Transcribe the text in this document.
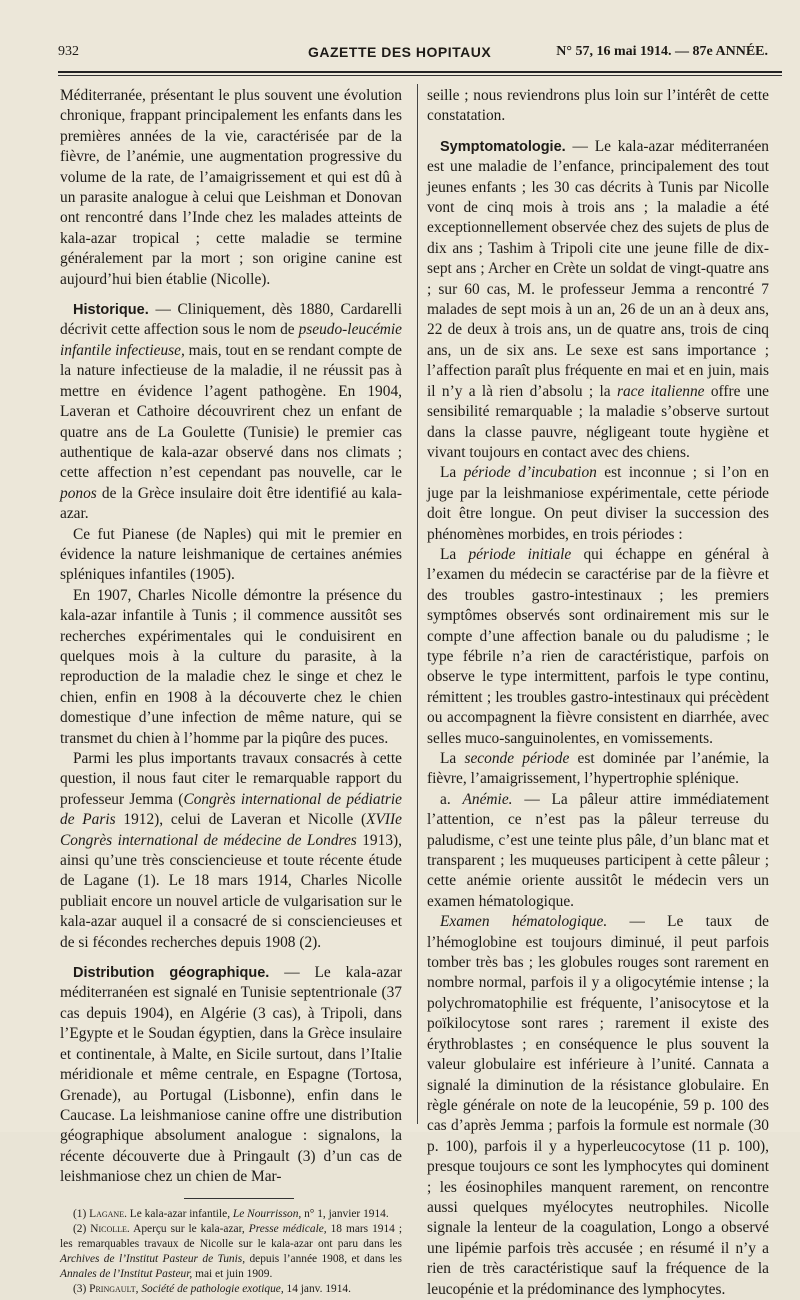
932	GAZETTE DES HOPITAUX	N° 57, 16 mai 1914. — 87e ANNÉE.

Méditerranée, présentant le plus souvent une évolution chronique, frappant principalement les enfants dans les premières années de la vie, caractérisée par de la fièvre, de l’anémie, une augmentation progressive du volume de la rate, de l’amaigrissement et qui est dû à un parasite analogue à celui que Leishman et Donovan ont rencontré dans l’Inde chez les malades atteints de kala-azar tropical ; cette maladie se termine généralement par la mort ; son origine canine est aujourd’hui bien établie (Nicolle).

Historique. — Cliniquement, dès 1880, Cardarelli décrivit cette affection sous le nom de pseudo-leucémie infantile infectieuse, mais, tout en se rendant compte de la nature infectieuse de la maladie, il ne réussit pas à mettre en évidence l’agent pathogène. En 1904, Laveran et Cathoire découvrirent chez un enfant de quatre ans de La Goulette (Tunisie) le premier cas authentique de kala-azar observé dans nos climats ; cette affection n’est cependant pas nouvelle, car le ponos de la Grèce insulaire doit être identifié au kala-azar.

Ce fut Pianese (de Naples) qui mit le premier en évidence la nature leishmanique de certaines anémies spléniques infantiles (1905).

En 1907, Charles Nicolle démontre la présence du kala-azar infantile à Tunis ; il commence aussitôt ses recherches expérimentales qui le conduisirent en quelques mois à la culture du parasite, à la reproduction de la maladie chez le singe et chez le chien, enfin en 1908 à la découverte chez le chien domestique d’une infection de même nature, qui se transmet du chien à l’homme par la piqûre des puces.

Parmi les plus importants travaux consacrés à cette question, il nous faut citer le remarquable rapport du professeur Jemma (Congrès international de pédiatrie de Paris 1912), celui de Laveran et Nicolle (XVIIe Congrès international de médecine de Londres 1913), ainsi qu’une très consciencieuse et toute récente étude de Lagane (1). Le 18 mars 1914, Charles Nicolle publiait encore un nouvel article de vulgarisation sur le kala-azar auquel il a consacré de si consciencieuses et de si fécondes recherches depuis 1908 (2).

Distribution géographique. — Le kala-azar méditerranéen est signalé en Tunisie septentrionale (37 cas depuis 1904), en Algérie (3 cas), à Tripoli, dans l’Egypte et le Soudan égyptien, dans la Grèce insulaire et continentale, à Malte, en Sicile surtout, dans l’Italie méridionale et même centrale, en Espagne (Tortosa, Grenade), au Portugal (Lisbonne), enfin dans le Caucase. La leishmaniose canine offre une distribution géographique absolument analogue : signalons, la récente découverte due à Pringault (3) d’un cas de leishmaniose chez un chien de Mar-

(1) Lagane. Le kala-azar infantile, Le Nourrisson, n° 1, janvier 1914.

(2) Nicolle. Aperçu sur le kala-azar, Presse médicale, 18 mars 1914 ; les remarquables travaux de Nicolle sur le kala-azar ont paru dans les Archives de l’Institut Pasteur de Tunis, depuis l’année 1908, et dans les Annales de l’Institut Pasteur, mai et juin 1909.

(3) Pringault, Société de pathologie exotique, 14 janv. 1914.

seille ; nous reviendrons plus loin sur l’intérêt de cette constatation.

Symptomatologie. — Le kala-azar méditerranéen est une maladie de l’enfance, principalement des tout jeunes enfants ; les 30 cas décrits à Tunis par Nicolle vont de cinq mois à trois ans ; la maladie a été exceptionnellement observée chez des sujets de plus de dix ans ; Tashim à Tripoli cite une jeune fille de dix-sept ans ; Archer en Crète un soldat de vingt-quatre ans ; sur 60 cas, M. le professeur Jemma a rencontré 7 malades de sept mois à un an, 26 de un an à deux ans, 22 de deux à trois ans, un de quatre ans, trois de cinq ans, un de six ans. Le sexe est sans importance ; l’affection paraît plus fréquente en mai et en juin, mais il n’y a là rien d’absolu ; la race italienne offre une sensibilité remarquable ; la maladie s’observe surtout dans la classe pauvre, négligeant toute hygiène et vivant toujours en contact avec des chiens.

La période d’incubation est inconnue ; si l’on en juge par la leishmaniose expérimentale, cette période doit être longue. On peut diviser la succession des phénomènes morbides, en trois périodes :

La période initiale qui échappe en général à l’examen du médecin se caractérise par de la fièvre et des troubles gastro-intestinaux ; les premiers symptômes observés sont ordinairement mis sur le compte d’une affection banale ou du paludisme ; le type fébrile n’a rien de caractéristique, parfois on observe le type intermittent, parfois le type continu, rémittent ; les troubles gastro-intestinaux qui précèdent ou accompagnent la fièvre consistent en diarrhée, avec selles muco-sanguinolentes, en vomissements.

La seconde période est dominée par l’anémie, la fièvre, l’amaigrissement, l’hypertrophie splénique.

a. Anémie. — La pâleur attire immédiatement l’attention, ce n’est pas la pâleur terreuse du paludisme, c’est une teinte plus pâle, d’un blanc mat et transparent ; les muqueuses participent à cette pâleur ; cette anémie oriente aussitôt le médecin vers un examen hématologique.

Examen hématologique. — Le taux de l’hémoglobine est toujours diminué, il peut parfois tomber très bas ; les globules rouges sont rarement en nombre normal, parfois il y a oligocytémie intense ; la polychromatophilie est fréquente, l’anisocytose et la poïkilocytose sont rares ; rarement il existe des érythroblastes ; en conséquence le plus souvent la valeur globulaire est inférieure à l’unité. Cannata a signalé la diminution de la résistance globulaire. En règle générale on note de la leucopénie, 59 p. 100 des cas d’après Jemma ; parfois la formule est normale (30 p. 100), parfois il y a hyperleucocytose (11 p. 100), presque toujours ce sont les lymphocytes qui dominent ; les éosinophiles manquent rarement, on rencontre aussi quelques myélocytes neutrophiles. Nicolle signale la lenteur de la coagulation, Longo a observé une lipémie parfois très accusée ; en résumé il n’y a rien de très caractéristique sauf la fréquence de la leucopénie et la prédominance des lymphocytes.
